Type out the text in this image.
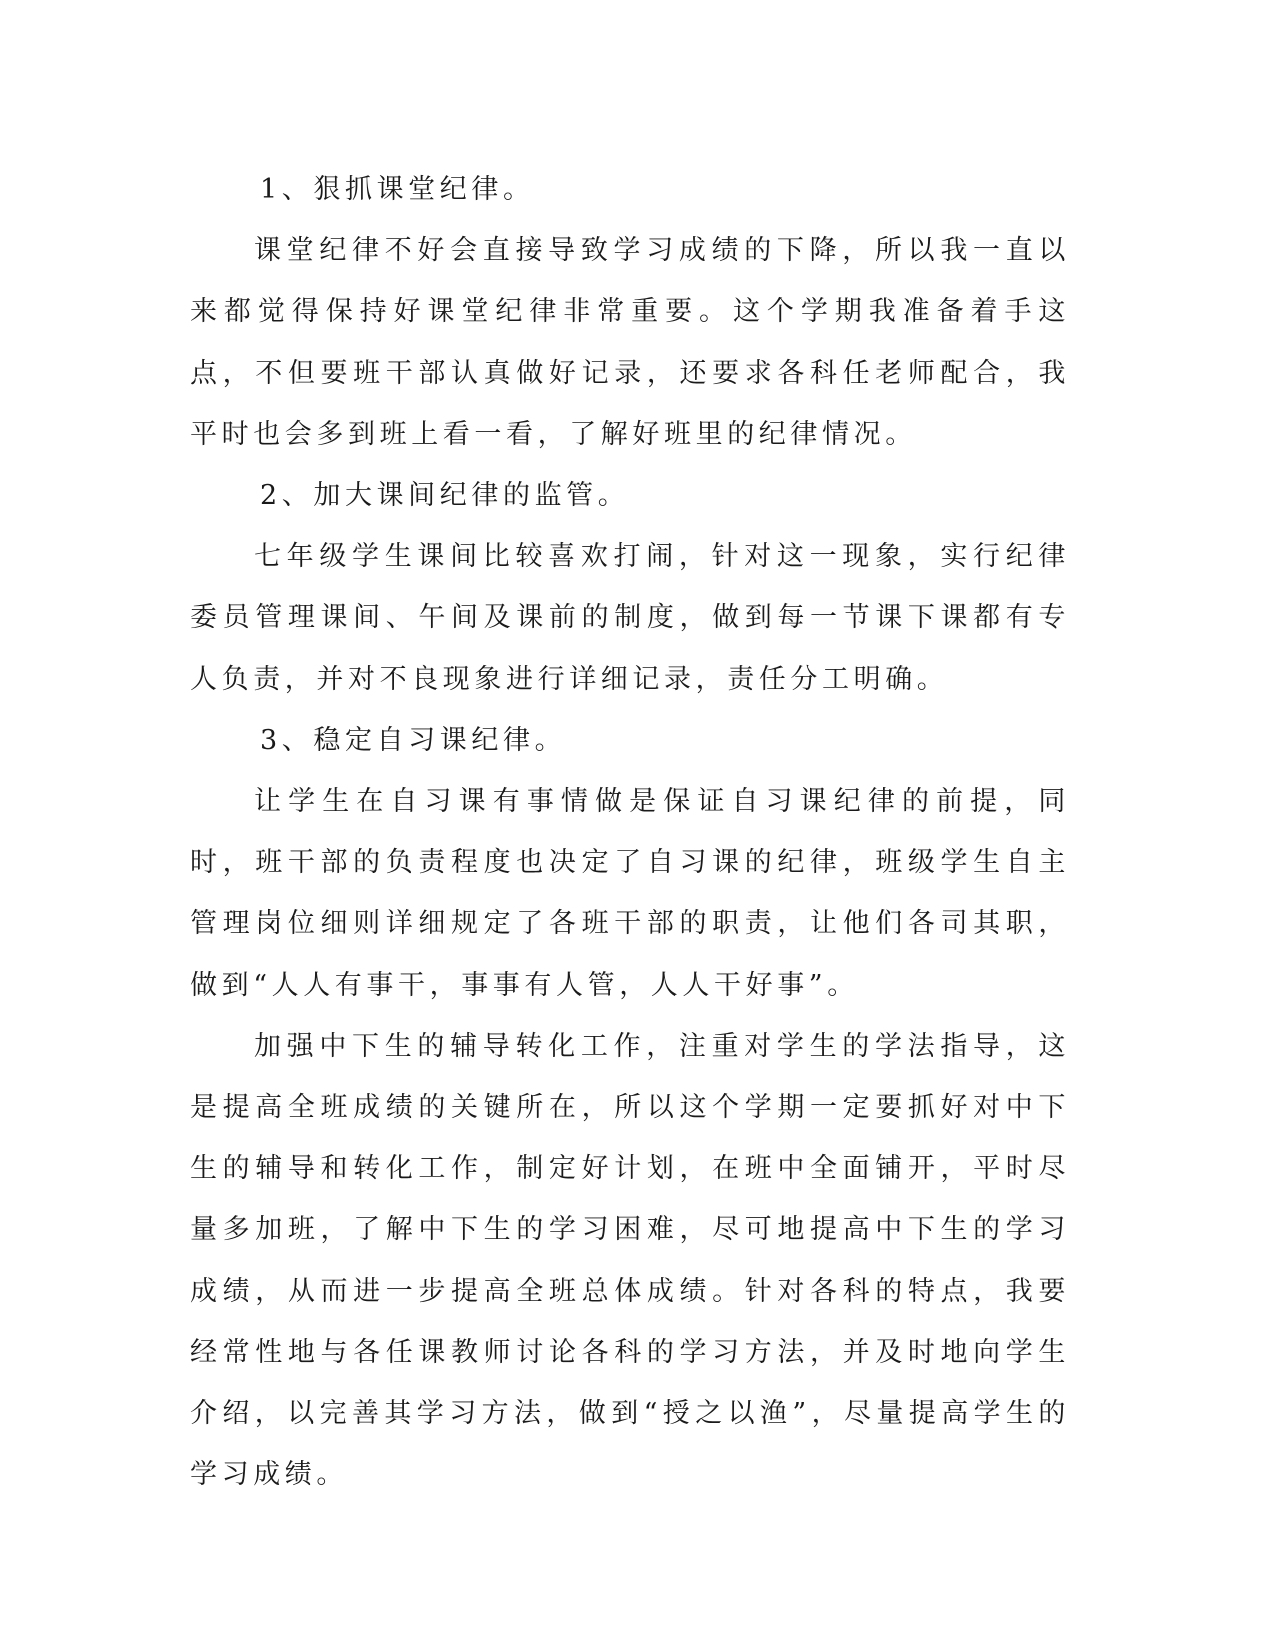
1、狠抓课堂纪律。

课堂纪律不好会直接导致学习成绩的下降，所以我一直以来都觉得保持好课堂纪律非常重要。这个学期我准备着手这点，不但要班干部认真做好记录，还要求各科任老师配合，我平时也会多到班上看一看，了解好班里的纪律情况。

2、加大课间纪律的监管。

七年级学生课间比较喜欢打闹，针对这一现象，实行纪律委员管理课间、午间及课前的制度，做到每一节课下课都有专人负责，并对不良现象进行详细记录，责任分工明确。

3、稳定自习课纪律。

让学生在自习课有事情做是保证自习课纪律的前提，同时，班干部的负责程度也决定了自习课的纪律，班级学生自主管理岗位细则详细规定了各班干部的职责，让他们各司其职，做到“人人有事干，事事有人管，人人干好事”。

加强中下生的辅导转化工作，注重对学生的学法指导，这是提高全班成绩的关键所在，所以这个学期一定要抓好对中下生的辅导和转化工作，制定好计划，在班中全面铺开，平时尽量多加班，了解中下生的学习困难，尽可地提高中下生的学习成绩，从而进一步提高全班总体成绩。针对各科的特点，我要经常性地与各任课教师讨论各科的学习方法，并及时地向学生介绍，以完善其学习方法，做到“授之以渔”，尽量提高学生的学习成绩。
